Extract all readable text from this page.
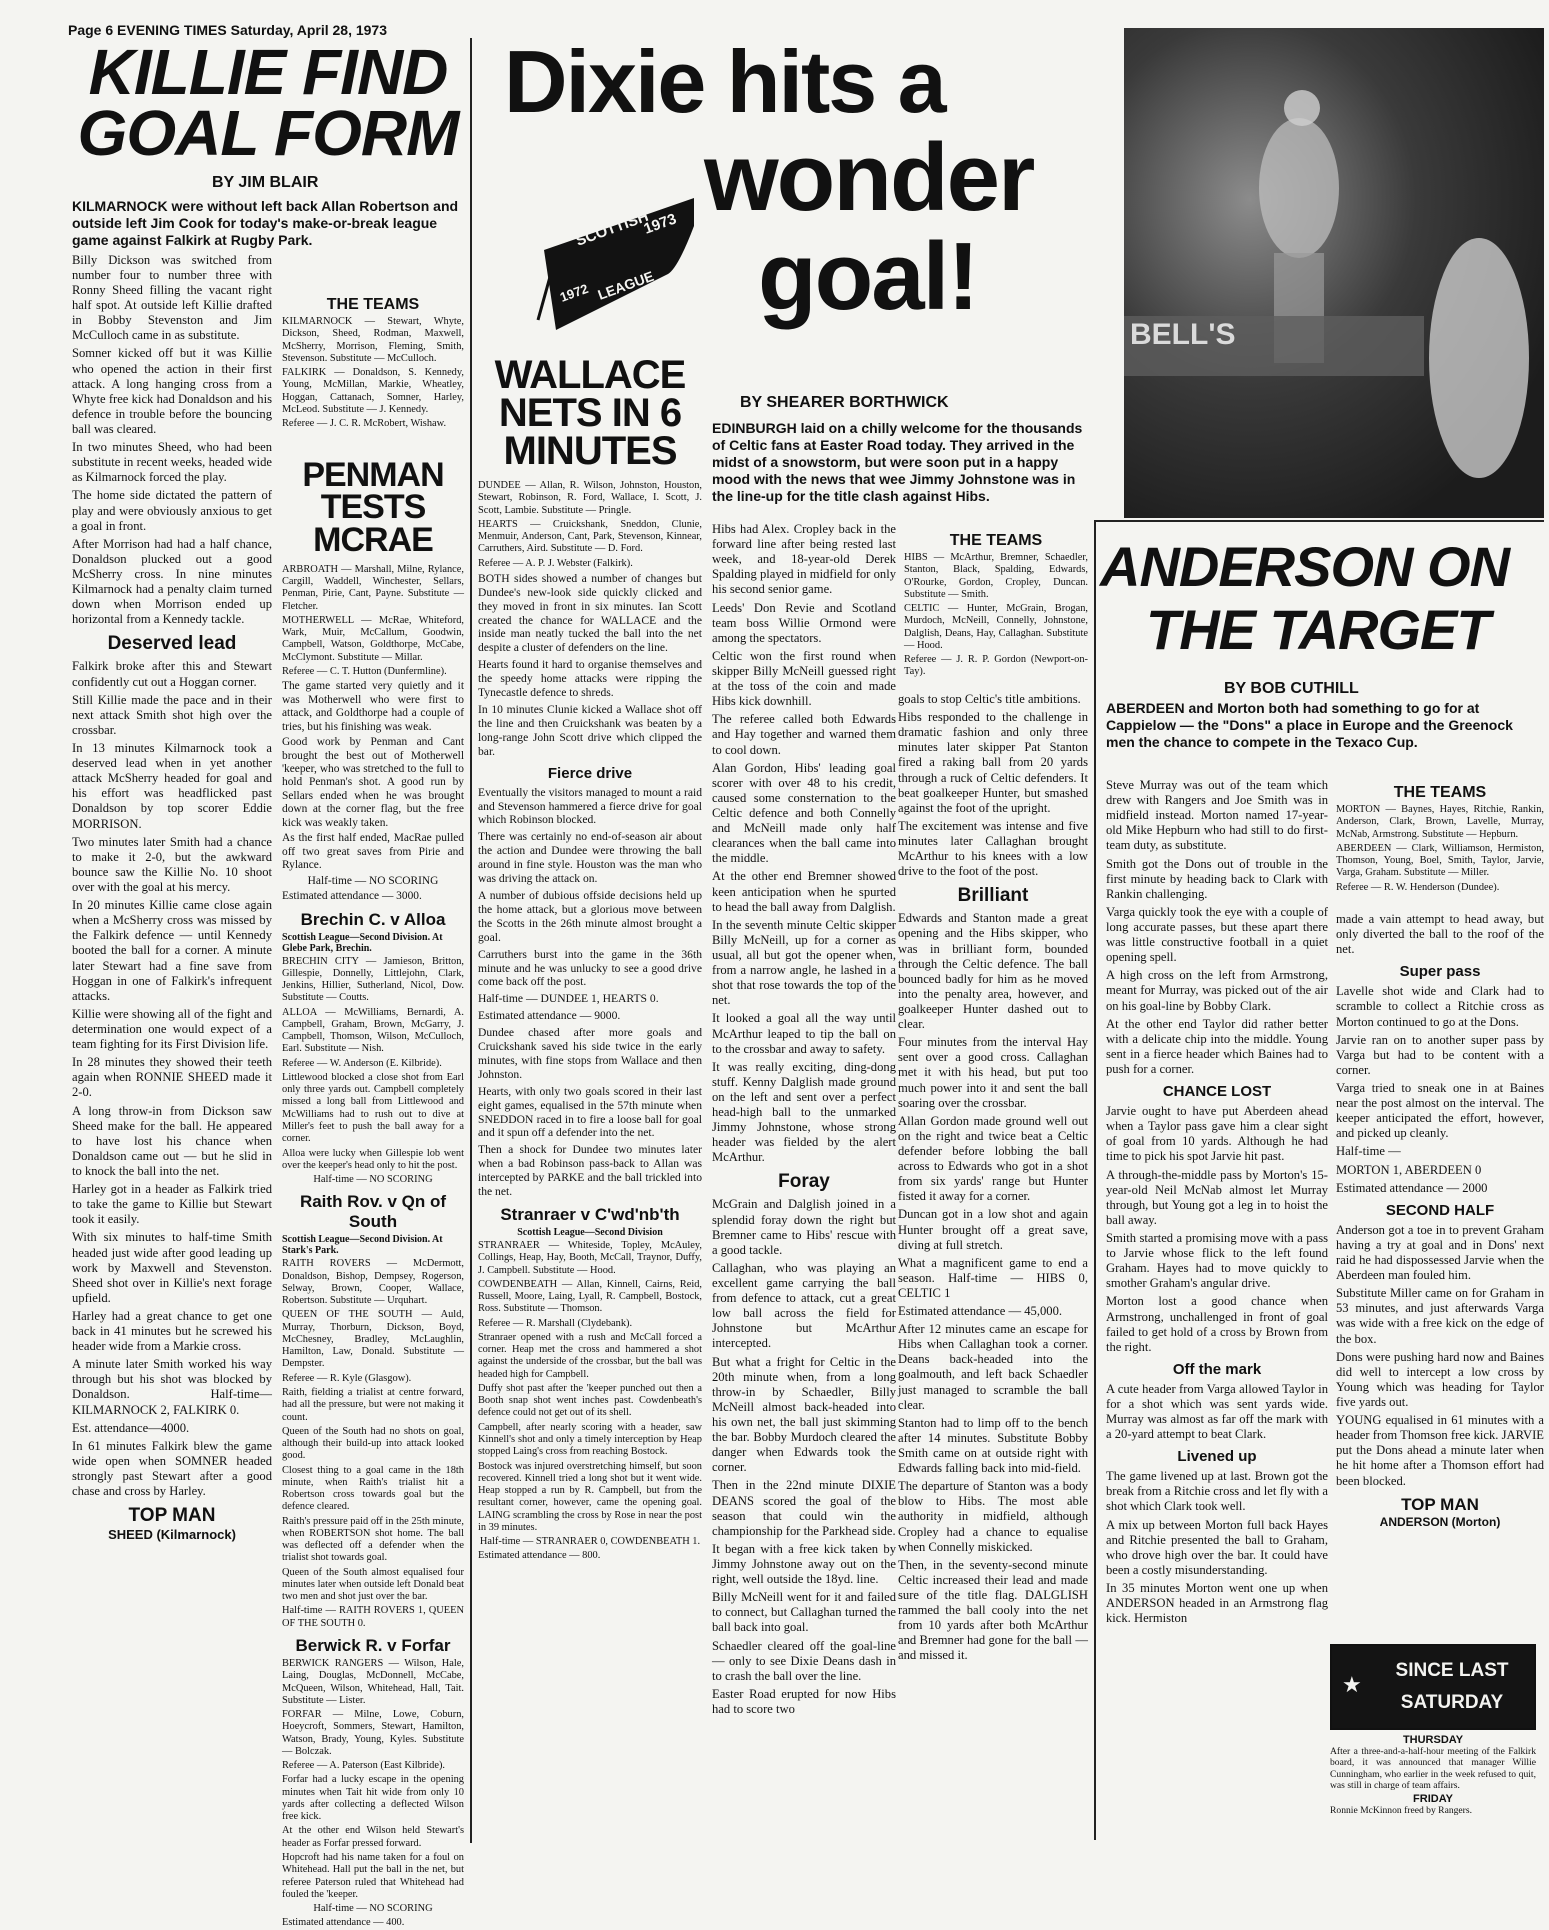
Page 6 EVENING TIMES Saturday, April 28, 1973
KILLIE FIND
GOAL FORM
BY JIM BLAIR
KILMARNOCK were without left back Allan Robertson and outside left Jim Cook for today's make-or-break league game against Falkirk at Rugby Park.

Billy Dickson was switched from number four to number three with Ronny Sheed filling the vacant right half spot. At outside left Killie drafted in Bobby Stevenston and Jim McCulloch came in as substitute.

Somner kicked off but it was Killie who opened the action in their first attack. A long hanging cross from a Whyte free kick had Donaldson and his defence in trouble before the bouncing ball was cleared.

In two minutes Sheed, who had been substitute in recent weeks, headed wide as Kilmarnock forced the play.

The home side dictated the pattern of play and were obviously anxious to get a goal in front.

After Morrison had had a half chance, Donaldson plucked out a good McSherry cross. In nine minutes Kilmarnock had a penalty claim turned down when Morrison ended up horizontal from a Kennedy tackle.

Deserved lead

Falkirk broke after this and Stewart confidently cut out a Hoggan corner.

Still Killie made the pace and in their next attack Smith shot high over the crossbar.

In 13 minutes Kilmarnock took a deserved lead when in yet another attack McSherry headed for goal and his effort was headflicked past Donaldson by top scorer Eddie MORRISON.

Two minutes later Smith had a chance to make it 2-0, but the awkward bounce saw the Killie No. 10 shoot over with the goal at his mercy.

In 20 minutes Killie came close again when a McSherry cross was missed by the Falkirk defence — until Kennedy booted the ball for a corner. A minute later Stewart had a fine save from Hoggan in one of Falkirk's infrequent attacks.

Killie were showing all of the fight and determination one would expect of a team fighting for its First Division life.

In 28 minutes they showed their teeth again when RONNIE SHEED made it 2-0.

A long throw-in from Dickson saw Sheed make for the ball. He appeared to have lost his chance when Donaldson came out — but he slid in to knock the ball into the net.

Harley got in a header as Falkirk tried to take the game to Killie but Stewart took it easily.

With six minutes to half-time Smith headed just wide after good leading up work by Maxwell and Stevenston. Sheed shot over in Killie's next forage upfield.

Harley had a great chance to get one back in 41 minutes but he screwed his header wide from a Markie cross.

A minute later Smith worked his way through but his shot was blocked by Donaldson. Half-time— KILMARNOCK 2, FALKIRK 0.

Est. attendance—4000.

In 61 minutes Falkirk blew the game wide open when SOMNER headed strongly past Stewart after a good chase and cross by Harley.

TOP MAN
SHEED (Kilmarnock)
THE TEAMS

KILMARNOCK — Stewart, Whyte, Dickson, Sheed, Rodman, Maxwell, McSherry, Morrison, Fleming, Smith, Stevenson. Substitute — McCulloch.

FALKIRK — Donaldson, S. Kennedy, Young, McMillan, Markie, Wheatley, Hoggan, Cattanach, Somner, Harley, McLeod. Substitute — J. Kennedy.

Referee — J. C. R. McRobert, Wishaw.

PENMAN TESTS MCRAE

ARBROATH — Marshall, Milne, Rylance, Cargill, Waddell, Winchester, Sellars, Penman, Pirie, Cant, Payne. Substitute — Fletcher.

MOTHERWELL — McRae, Whiteford, Wark, Muir, McCallum, Goodwin, Campbell, Watson, Goldthorpe, McCabe, McClymont. Substitute — Millar.

Referee — C. T. Hutton (Dunfermline).

The game started very quietly and it was Motherwell who were first to attack, and Goldthorpe had a couple of tries, but his finishing was weak.

Good work by Penman and Cant brought the best out of Motherwell 'keeper, who was stretched to the full to hold Penman's shot. A good run by Sellars ended when he was brought down at the corner flag, but the free kick was weakly taken.

As the first half ended, MacRae pulled off two great saves from Pirie and Rylance.

Half-time — NO SCORING

Estimated attendance — 3000.

Brechin C. v Alloa

Scottish League—Second Division. At Glebe Park, Brechin.

BRECHIN CITY — Jamieson, Britton, Gillespie, Donnelly, Littlejohn, Clark, Jenkins, Hillier, Sutherland, Nicol, Dow. Substitute — Coutts.

ALLOA — McWilliams, Bernardi, A. Campbell, Graham, Brown, McGarry, J. Campbell, Thomson, Wilson, McCulloch, Earl. Substitute — Nish.

Referee — W. Anderson (E. Kilbride).

Littlewood blocked a close shot from Earl only three yards out. Campbell completely missed a long ball from Littlewood and McWilliams had to rush out to dive at Miller's feet to push the ball away for a corner.

Alloa were lucky when Gillespie lob went over the keeper's head only to hit the post.

Half-time — NO SCORING

Raith Rov. v Qn of South

Scottish League—Second Division. At Stark's Park.

RAITH ROVERS — McDermott, Donaldson, Bishop, Dempsey, Rogerson, Selway, Brown, Cooper, Wallace, Robertson. Substitute — Urquhart.

QUEEN OF THE SOUTH — Auld, Murray, Thorburn, Dickson, Boyd, McChesney, Bradley, McLaughlin, Hamilton, Law, Donald. Substitute — Dempster.

Referee — R. Kyle (Glasgow).

Raith, fielding a trialist at centre forward, had all the pressure, but were not making it count.

Queen of the South had no shots on goal, although their build-up into attack looked good.

Closest thing to a goal came in the 18th minute, when Raith's trialist hit a Robertson cross towards goal but the defence cleared.

Raith's pressure paid off in the 25th minute, when ROBERTSON shot home. The ball was deflected off a defender when the trialist shot towards goal.

Queen of the South almost equalised four minutes later when outside left Donald beat two men and shot just over the bar.

Half-time — RAITH ROVERS 1, QUEEN OF THE SOUTH 0.

Berwick R. v Forfar

BERWICK RANGERS — Wilson, Hale, Laing, Douglas, McDonnell, McCabe, McQueen, Wilson, Whitehead, Hall, Tait. Substitute — Lister.

FORFAR — Milne, Lowe, Coburn, Hoeycroft, Sommers, Stewart, Hamilton, Watson, Brady, Young, Kyles. Substitute — Bolczak.

Referee — A. Paterson (East Kilbride).

Forfar had a lucky escape in the opening minutes when Tait hit wide from only 10 yards after collecting a deflected Wilson free kick.

At the other end Wilson held Stewart's header as Forfar pressed forward.

Hopcroft had his name taken for a foul on Whitehead. Hall put the ball in the net, but referee Paterson ruled that Whitehead had fouled the 'keeper.

Half-time — NO SCORING

Estimated attendance — 400.

Dixie hits a
wonder
goal!
SCOTTISH
1973
1972 LEAGUE
WALLACE NETS IN 6 MINUTES

DUNDEE — Allan, R. Wilson, Johnston, Houston, Stewart, Robinson, R. Ford, Wallace, I. Scott, J. Scott, Lambie. Substitute — Pringle.

HEARTS — Cruickshank, Sneddon, Clunie, Menmuir, Anderson, Cant, Park, Stevenson, Kinnear, Carruthers, Aird. Substitute — D. Ford.

Referee — A. P. J. Webster (Falkirk).

BOTH sides showed a number of changes but Dundee's new-look side quickly clicked and they moved in front in six minutes. Ian Scott created the chance for WALLACE and the inside man neatly tucked the ball into the net despite a cluster of defenders on the line.

Hearts found it hard to organise themselves and the speedy home attacks were ripping the Tynecastle defence to shreds.

In 10 minutes Clunie kicked a Wallace shot off the line and then Cruickshank was beaten by a long-range John Scott drive which clipped the bar.

Fierce drive

Eventually the visitors managed to mount a raid and Stevenson hammered a fierce drive for goal which Robinson blocked.

There was certainly no end-of-season air about the action and Dundee were throwing the ball around in fine style. Houston was the man who was driving the attack on.

A number of dubious offside decisions held up the home attack, but a glorious move between the Scotts in the 26th minute almost brought a goal.

Carruthers burst into the game in the 36th minute and he was unlucky to see a good drive come back off the post.

Half-time — DUNDEE 1, HEARTS 0.

Estimated attendance — 9000.

Dundee chased after more goals and Cruickshank saved his side twice in the early minutes, with fine stops from Wallace and then Johnston.

Hearts, with only two goals scored in their last eight games, equalised in the 57th minute when SNEDDON raced in to fire a loose ball for goal and it spun off a defender into the net.

Then a shock for Dundee two minutes later when a bad Robinson pass-back to Allan was intercepted by PARKE and the ball trickled into the net.

Stranraer v C'wd'nb'th

Scottish League—Second Division

STRANRAER — Whiteside, Topley, McAuley, Collings, Heap, Hay, Booth, McCall, Traynor, Duffy, J. Campbell. Substitute — Hood.

COWDENBEATH — Allan, Kinnell, Cairns, Reid, Russell, Moore, Laing, Lyall, R. Campbell, Bostock, Ross. Substitute — Thomson.

Referee — R. Marshall (Clydebank).

Stranraer opened with a rush and McCall forced a corner. Heap met the cross and hammered a shot against the underside of the crossbar, but the ball was headed high for Campbell.

Duffy shot past after the 'keeper punched out then a Booth snap shot went inches past. Cowdenbeath's defence could not get out of its shell.

Campbell, after nearly scoring with a header, saw Kinnell's shot and only a timely interception by Heap stopped Laing's cross from reaching Bostock.

Bostock was injured overstretching himself, but soon recovered. Kinnell tried a long shot but it went wide. Heap stopped a run by R. Campbell, but from the resultant corner, however, came the opening goal. LAING scrambling the cross by Rose in near the post in 39 minutes.

Half-time — STRANRAER 0, COWDENBEATH 1.

Estimated attendance — 800.

BY SHEARER BORTHWICK
EDINBURGH laid on a chilly welcome for the thousands of Celtic fans at Easter Road today. They arrived in the midst of a snowstorm, but were soon put in a happy mood with the news that wee Jimmy Johnstone was in the line-up for the title clash against Hibs.

Hibs had Alex. Cropley back in the forward line after being rested last week, and 18-year-old Derek Spalding played in midfield for only his second senior game.

Leeds' Don Revie and Scotland team boss Willie Ormond were among the spectators.

Celtic won the first round when skipper Billy McNeill guessed right at the toss of the coin and made Hibs kick downhill.

The referee called both Edwards and Hay together and warned them to cool down.

Alan Gordon, Hibs' leading goal scorer with over 48 to his credit, caused some consternation to the Celtic defence and both Connelly and McNeill made only half clearances when the ball came into the middle.

At the other end Bremner showed keen anticipation when he spurted to head the ball away from Dalglish.

In the seventh minute Celtic skipper Billy McNeill, up for a corner as usual, all but got the opener when, from a narrow angle, he lashed in a shot that rose towards the top of the net.

It looked a goal all the way until McArthur leaped to tip the ball on to the crossbar and away to safety.

It was really exciting, ding-dong stuff. Kenny Dalglish made ground on the left and sent over a perfect head-high ball to the unmarked Jimmy Johnstone, whose strong header was fielded by the alert McArthur.

Foray

McGrain and Dalglish joined in a splendid foray down the right but Bremner came to Hibs' rescue with a good tackle.

Callaghan, who was playing an excellent game carrying the ball from defence to attack, cut a great low ball across the field for Johnstone but McArthur intercepted.

But what a fright for Celtic in the 20th minute when, from a long throw-in by Schaedler, Billy McNeill almost back-headed into his own net, the ball just skimming the bar. Bobby Murdoch cleared the danger when Edwards took the corner.

Then in the 22nd minute DIXIE DEANS scored the goal of the season that could win the championship for the Parkhead side.

It began with a free kick taken by Jimmy Johnstone away out on the right, well outside the 18yd. line.

Billy McNeill went for it and failed to connect, but Callaghan turned the ball back into goal.

Schaedler cleared off the goal-line — only to see Dixie Deans dash in to crash the ball over the line.

Easter Road erupted for now Hibs had to score two

THE TEAMS

HIBS — McArthur, Bremner, Schaedler, Stanton, Black, Spalding, Edwards, O'Rourke, Gordon, Cropley, Duncan. Substitute — Smith.

CELTIC — Hunter, McGrain, Brogan, Murdoch, McNeill, Connelly, Johnstone, Dalglish, Deans, Hay, Callaghan. Substitute — Hood.

Referee — J. R. P. Gordon (Newport-on-Tay).

goals to stop Celtic's title ambitions.

Hibs responded to the challenge in dramatic fashion and only three minutes later skipper Pat Stanton fired a raking ball from 20 yards through a ruck of Celtic defenders. It beat goalkeeper Hunter, but smashed against the foot of the upright.

The excitement was intense and five minutes later Callaghan brought McArthur to his knees with a low drive to the foot of the post.

Brilliant

Edwards and Stanton made a great opening and the Hibs skipper, who was in brilliant form, bounded through the Celtic defence. The ball bounced badly for him as he moved into the penalty area, however, and goalkeeper Hunter dashed out to clear.

Four minutes from the interval Hay sent over a good cross. Callaghan met it with his head, but put too much power into it and sent the ball soaring over the crossbar.

Allan Gordon made ground well out on the right and twice beat a Celtic defender before lobbing the ball across to Edwards who got in a shot from six yards' range but Hunter fisted it away for a corner.

Duncan got in a low shot and again Hunter brought off a great save, diving at full stretch.

What a magnificent game to end a season. Half-time — HIBS 0, CELTIC 1

Estimated attendance — 45,000.

After 12 minutes came an escape for Hibs when Callaghan took a corner. Deans back-headed into the goalmouth, and left back Schaedler just managed to scramble the ball clear.

Stanton had to limp off to the bench after 14 minutes. Substitute Bobby Smith came on at outside right with Edwards falling back into mid-field.

The departure of Stanton was a body blow to Hibs. The most able authority in midfield, although Cropley had a chance to equalise when Connelly miskicked.

Then, in the seventy-second minute Celtic increased their lead and made sure of the title flag. DALGLISH rammed the ball cooly into the net from 10 yards after both McArthur and Bremner had gone for the ball — and missed it.

BELL'S
ANDERSON ON
THE TARGET
BY BOB CUTHILL
ABERDEEN and Morton both had something to go for at Cappielow — the "Dons" a place in Europe and the Greenock men the chance to compete in the Texaco Cup.

Steve Murray was out of the team which drew with Rangers and Joe Smith was in midfield instead. Morton named 17-year-old Mike Hepburn who had still to do first-team duty, as substitute.

Smith got the Dons out of trouble in the first minute by heading back to Clark with Rankin challenging.

Varga quickly took the eye with a couple of long accurate passes, but these apart there was little constructive football in a quiet opening spell.

A high cross on the left from Armstrong, meant for Murray, was picked out of the air on his goal-line by Bobby Clark.

At the other end Taylor did rather better with a delicate chip into the middle. Young sent in a fierce header which Baines had to push for a corner.

CHANCE LOST

Jarvie ought to have put Aberdeen ahead when a Taylor pass gave him a clear sight of goal from 10 yards. Although he had time to pick his spot Jarvie hit past.

A through-the-middle pass by Morton's 15-year-old Neil McNab almost let Murray through, but Young got a leg in to hoist the ball away.

Smith started a promising move with a pass to Jarvie whose flick to the left found Graham. Hayes had to move quickly to smother Graham's angular drive.

Morton lost a good chance when Armstrong, unchallenged in front of goal failed to get hold of a cross by Brown from the right.

Off the mark

A cute header from Varga allowed Taylor in for a shot which was sent yards wide. Murray was almost as far off the mark with a 20-yard attempt to beat Clark.

Livened up

The game livened up at last. Brown got the break from a Ritchie cross and let fly with a shot which Clark took well.

A mix up between Morton full back Hayes and Ritchie presented the ball to Graham, who drove high over the bar. It could have been a costly misunderstanding.

In 35 minutes Morton went one up when ANDERSON headed in an Armstrong flag kick. Hermiston

THE TEAMS

MORTON — Baynes, Hayes, Ritchie, Rankin, Anderson, Clark, Brown, Lavelle, Murray, McNab, Armstrong. Substitute — Hepburn.

ABERDEEN — Clark, Williamson, Hermiston, Thomson, Young, Boel, Smith, Taylor, Jarvie, Varga, Graham. Substitute — Miller.

Referee — R. W. Henderson (Dundee).

made a vain attempt to head away, but only diverted the ball to the roof of the net.

Super pass

Lavelle shot wide and Clark had to scramble to collect a Ritchie cross as Morton continued to go at the Dons.

Jarvie ran on to another super pass by Varga but had to be content with a corner.

Varga tried to sneak one in at Baines near the post almost on the interval. The keeper anticipated the effort, however, and picked up cleanly.

Half-time —

MORTON 1, ABERDEEN 0

Estimated attendance — 2000

SECOND HALF

Anderson got a toe in to prevent Graham having a try at goal and in Dons' next raid he had dispossessed Jarvie when the Aberdeen man fouled him.

Substitute Miller came on for Graham in 53 minutes, and just afterwards Varga was wide with a free kick on the edge of the box.

Dons were pushing hard now and Baines did well to intercept a low cross by Young which was heading for Taylor five yards out.

YOUNG equalised in 61 minutes with a header from Thomson free kick. JARVIE put the Dons ahead a minute later when he hit home after a Thomson effort had been blocked.

TOP MAN
ANDERSON (Morton)
★
SINCE LAST
SATURDAY
THURSDAY

After a three-and-a-half-hour meeting of the Falkirk board, it was announced that manager Willie Cunningham, who earlier in the week refused to quit, was still in charge of team affairs.

FRIDAY

Ronnie McKinnon freed by Rangers.
